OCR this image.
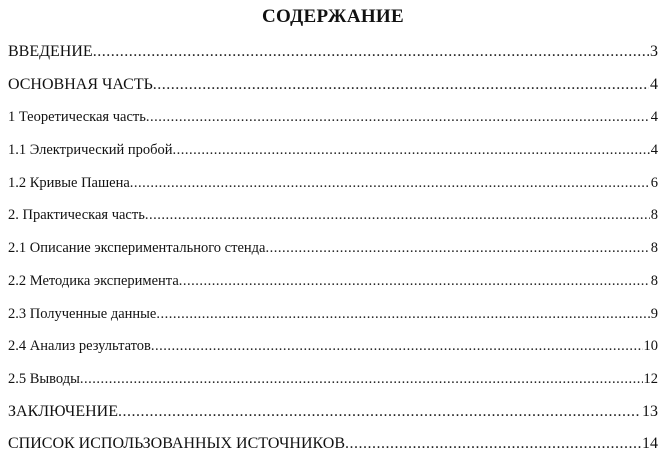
СОДЕРЖАНИЕ
ВВЕДЕНИЕ .....	3
ОСНОВНАЯ ЧАСТЬ .....	4
1 Теоретическая часть .....	4
1.1 Электрический пробой .....	4
1.2 Кривые Пашена .....	6
2. Практическая часть .....	8
2.1 Описание экспериментального стенда .....	8
2.2 Методика эксперимента .....	8
2.3 Полученные данные .....	9
2.4 Анализ результатов .....	10
2.5 Выводы .....	12
ЗАКЛЮЧЕНИЕ .....	13
СПИСОК ИСПОЛЬЗОВАННЫХ ИСТОЧНИКОВ .....	14
